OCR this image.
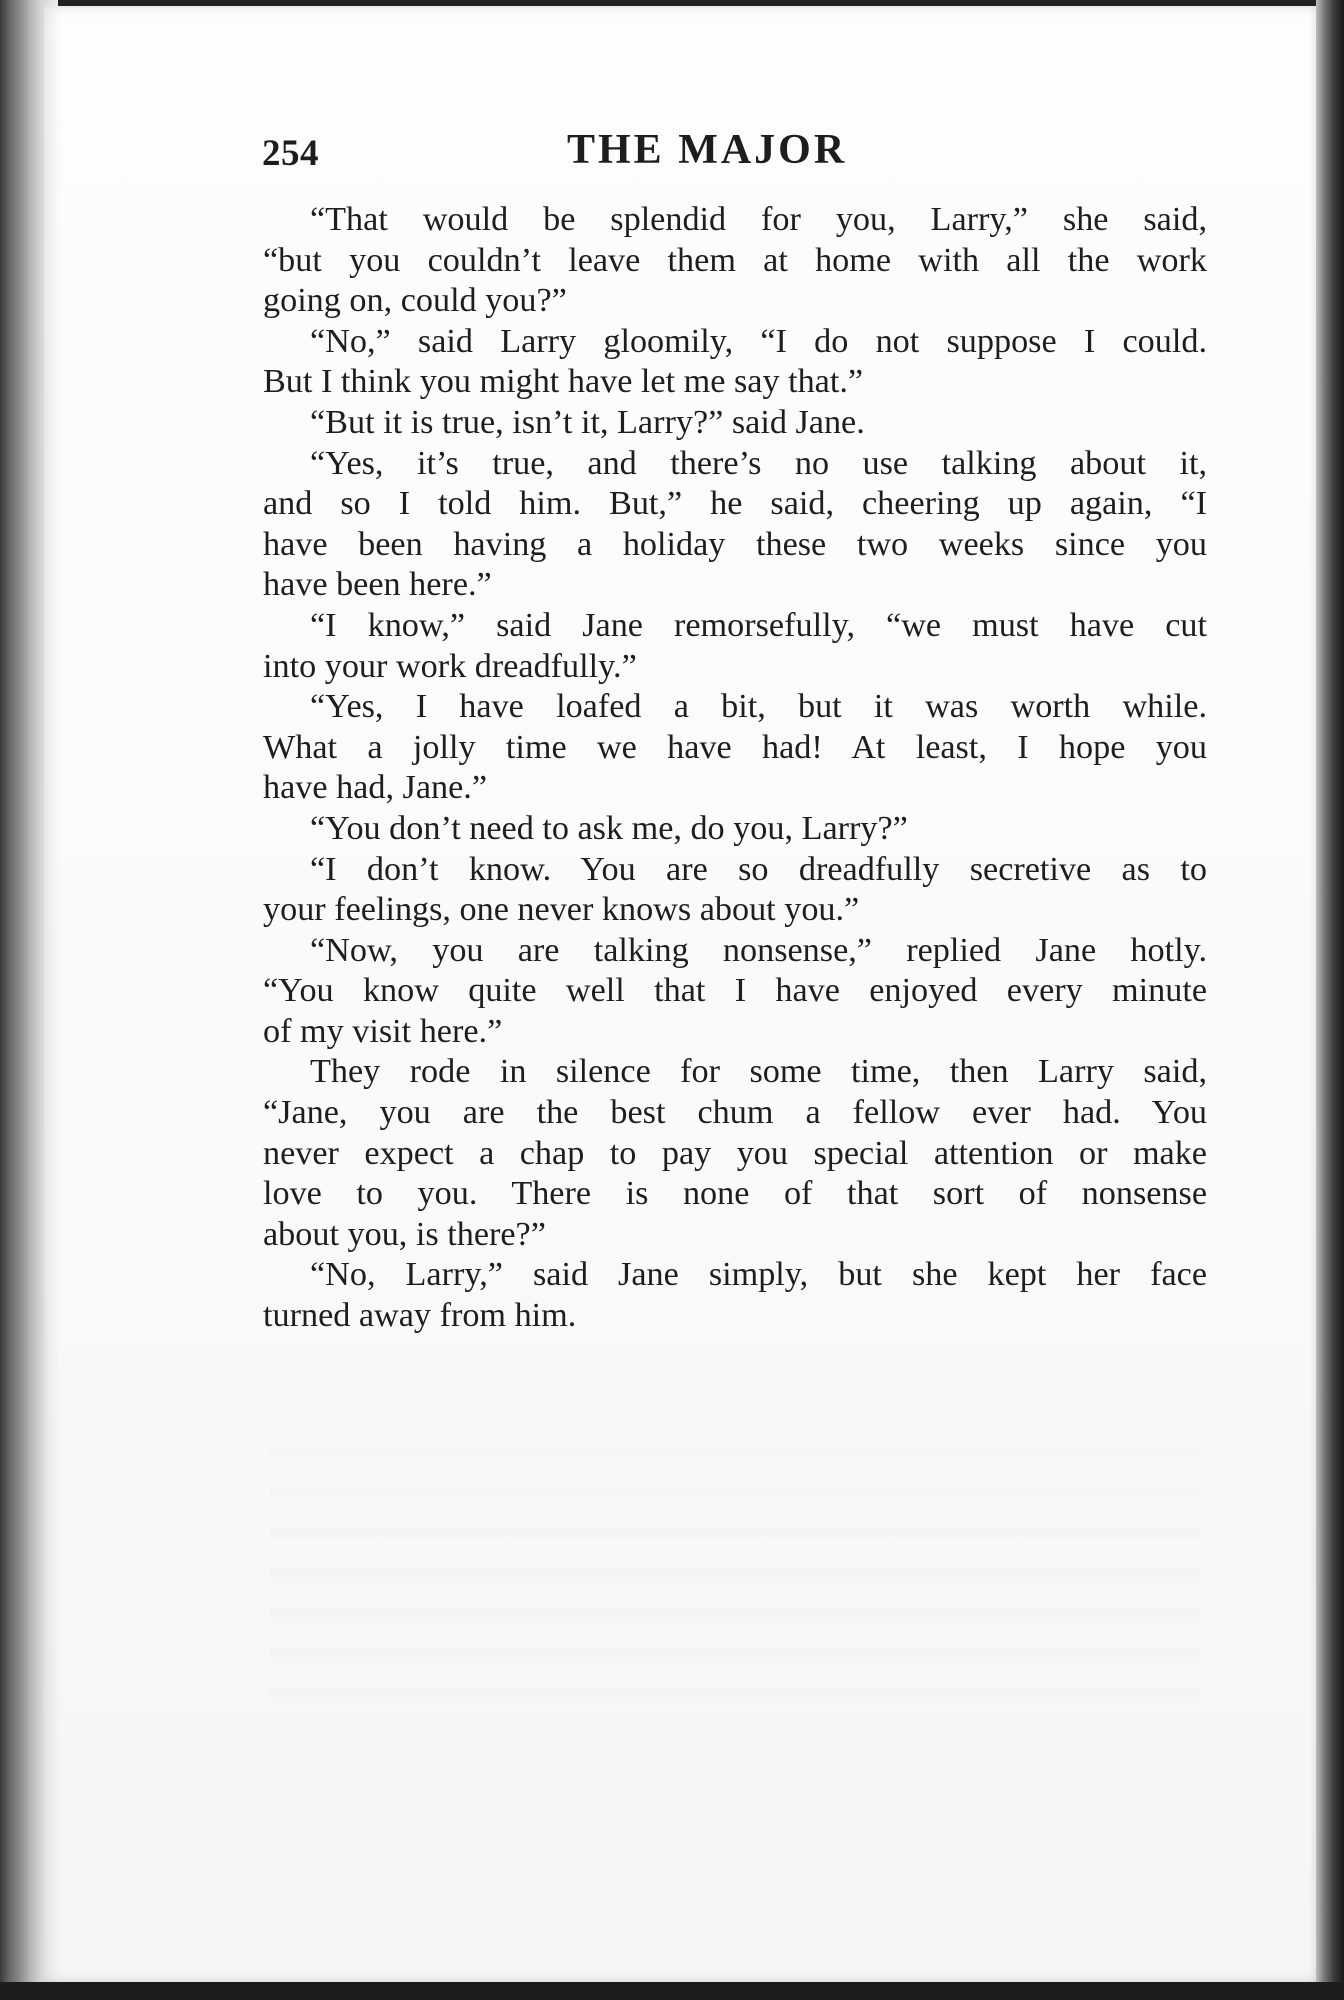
254	THE MAJOR
“That would be splendid for you, Larry,” she said,
“but you couldn’t leave them at home with all the work
going on, could you?”
“No,” said Larry gloomily, “I do not suppose I could.
But I think you might have let me say that.”
“But it is true, isn’t it, Larry?” said Jane.
“Yes, it’s true, and there’s no use talking about it,
and so I told him. But,” he said, cheering up again, “I
have been having a holiday these two weeks since you
have been here.”
“I know,” said Jane remorsefully, “we must have cut
into your work dreadfully.”
“Yes, I have loafed a bit, but it was worth while.
What a jolly time we have had! At least, I hope you
have had, Jane.”
“You don’t need to ask me, do you, Larry?”
“I don’t know. You are so dreadfully secretive as to
your feelings, one never knows about you.”
“Now, you are talking nonsense,” replied Jane hotly.
“You know quite well that I have enjoyed every minute
of my visit here.”
They rode in silence for some time, then Larry said,
“Jane, you are the best chum a fellow ever had. You
never expect a chap to pay you special attention or make
love to you. There is none of that sort of nonsense
about you, is there?”
“No, Larry,” said Jane simply, but she kept her face
turned away from him.
